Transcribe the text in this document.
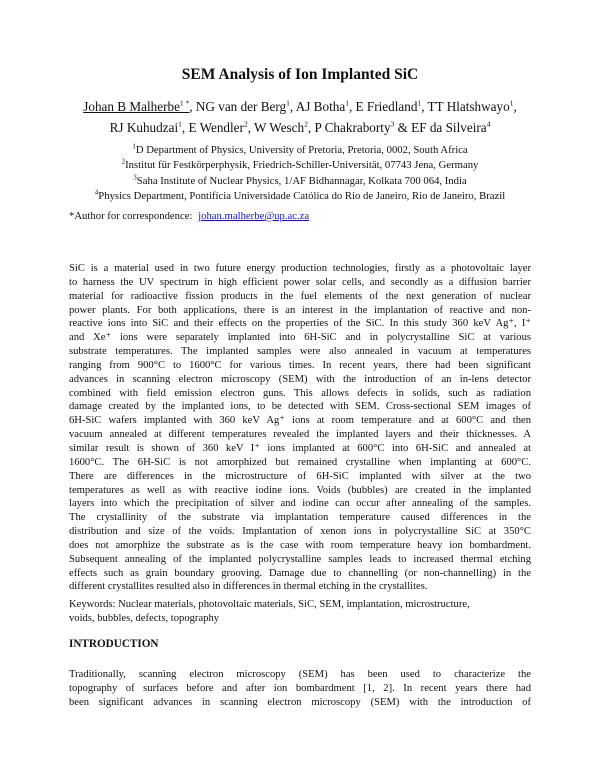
SEM Analysis of Ion Implanted SiC
Johan B Malherbe$^{1 *}$, NG van der Berg$^1$, AJ Botha$^1$, E Friedland$^1$, TT Hlatshwayo$^1$,
RJ Kuhudzai$^1$, E Wendler$^2$, W Wesch$^2$, P Chakraborty$^3$ & EF da Silveira$^4$
$^1$D Department of Physics, University of Pretoria, Pretoria, 0002, South Africa
$^2$Institut für Festkörperphysik, Friedrich-Schiller-Universität, 07743 Jena, Germany
$^3$Saha Institute of Nuclear Physics, 1/AF Bidhannagar, Kolkata 700 064, India
$^4$Physics Department, Pontifícia Universidade Católica do Rio de Janeiro, Rio de Janeiro, Brazil
*Author for correspondence: johan.malherbe@up.ac.za
SiC is a material used in two future energy production technologies, firstly as a photovoltaic layer
to harness the UV spectrum in high efficient power solar cells, and secondly as a diffusion barrier
material for radioactive fission products in the fuel elements of the next generation of nuclear
power plants. For both applications, there is an interest in the implantation of reactive and non-
reactive ions into SiC and their effects on the properties of the SiC. In this study 360 keV Ag⁺, I⁺
and Xe⁺ ions were separately implanted into 6H-SiC and in polycrystalline SiC at various
substrate temperatures. The implanted samples were also annealed in vacuum at temperatures
ranging from 900°C to 1600°C for various times. In recent years, there had been significant
advances in scanning electron microscopy (SEM) with the introduction of an in-lens detector
combined with field emission electron guns. This allows defects in solids, such as radiation
damage created by the implanted ions, to be detected with SEM. Cross-sectional SEM images of
6H-SiC wafers implanted with 360 keV Ag⁺ ions at room temperature and at 600°C and then
vacuum annealed at different temperatures revealed the implanted layers and their thicknesses. A
similar result is shown of 360 keV I⁺ ions implanted at 600°C into 6H-SiC and annealed at
1600°C. The 6H-SiC is not amorphized but remained crystalline when implanting at 600°C.
There are differences in the microstructure of 6H-SiC implanted with silver at the two
temperatures as well as with reactive iodine ions. Voids (bubbles) are created in the implanted
layers into which the precipitation of silver and iodine can occur after annealing of the samples.
The crystallinity of the substrate via implantation temperature caused differences in the
distribution and size of the voids. Implantation of xenon ions in polycrystalline SiC at 350°C
does not amorphize the substrate as is the case with room temperature heavy ion bombardment.
Subsequent annealing of the implanted polycrystalline samples leads to increased thermal etching
effects such as grain boundary grooving. Damage due to channelling (or non-channelling) in the
different crystallites resulted also in differences in thermal etching in the crystallites.
Keywords: Nuclear materials, photovoltaic materials, SiC, SEM, implantation, microstructure,
voids, bubbles, defects, topography
INTRODUCTION
Traditionally, scanning electron microscopy (SEM) has been used to characterize the
topography of surfaces before and after ion bombardment [1, 2]. In recent years there had
been significant advances in scanning electron microscopy (SEM) with the introduction of
